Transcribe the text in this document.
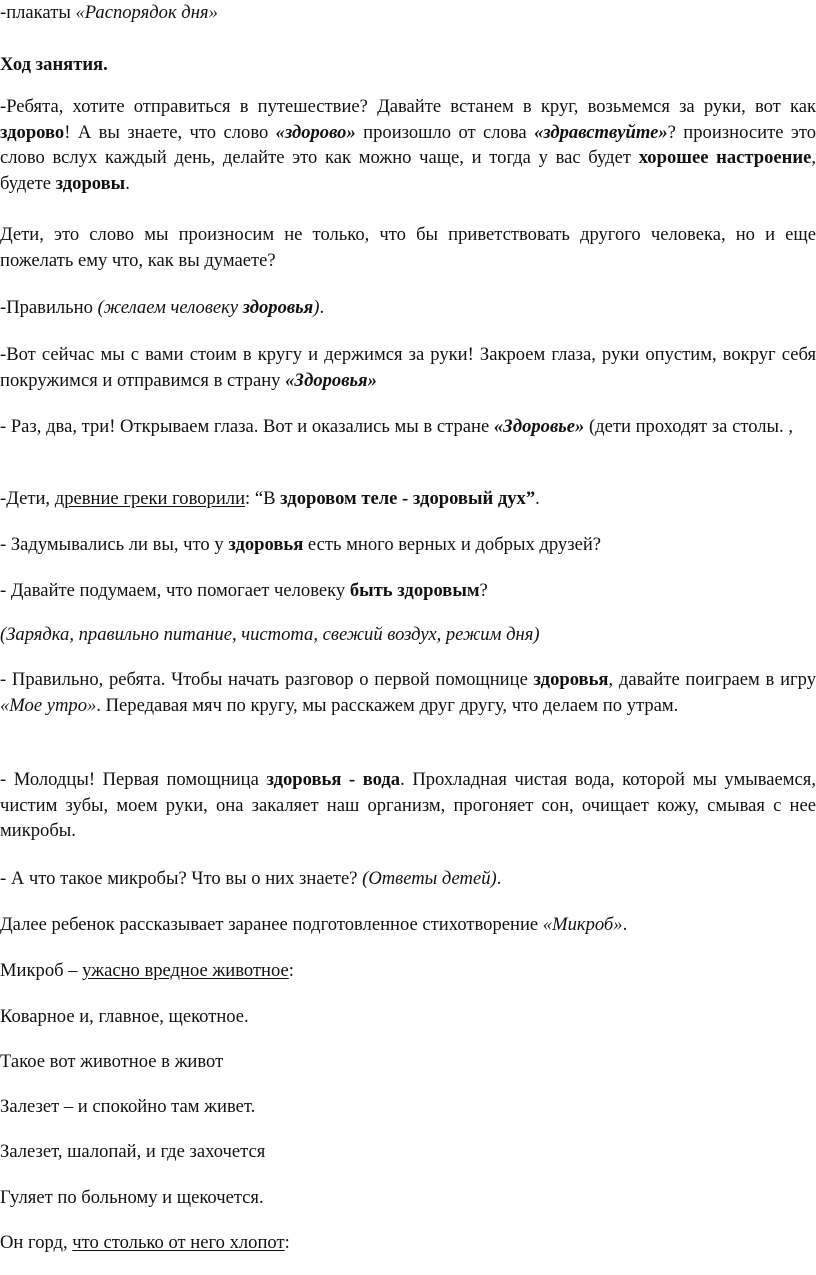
-плакаты «Распорядок дня»

Ход занятия.

-Ребята, хотите отправиться в путешествие? Давайте встанем в круг, возьмемся за руки, вот как здорово! А вы знаете, что слово «здорово» произошло от слова «здравствуйте»? произносите это слово вслух каждый день, делайте это как можно чаще, и тогда у вас будет хорошее настроение, будете здоровы.

Дети, это слово мы произносим не только, что бы приветствовать другого человека, но и еще пожелать ему что, как вы думаете?

-Правильно (желаем человеку здоровья).

-Вот сейчас мы с вами стоим в кругу и держимся за руки! Закроем глаза, руки опустим, вокруг себя покружимся и отправимся в страну «Здоровья»

- Раз, два, три! Открываем глаза. Вот и оказались мы в стране «Здоровье» (дети проходят за столы. ,

-Дети, древние греки говорили: “В здоровом теле - здоровый дух”.

- Задумывались ли вы, что у здоровья есть много верных и добрых друзей?

- Давайте подумаем, что помогает человеку быть здоровым?

(Зарядка, правильно питание, чистота, свежий воздух, режим дня)

- Правильно, ребята. Чтобы начать разговор о первой помощнице здоровья, давайте поиграем в игру «Мое утро». Передавая мяч по кругу, мы расскажем друг другу, что делаем по утрам.

- Молодцы! Первая помощница здоровья - вода. Прохладная чистая вода, которой мы умываемся, чистим зубы, моем руки, она закаляет наш организм, прогоняет сон, очищает кожу, смывая с нее микробы.

- А что такое микробы? Что вы о них знаете? (Ответы детей).

Далее ребенок рассказывает заранее подготовленное стихотворение «Микроб».

Микроб – ужасно вредное животное:

Коварное и, главное, щекотное.

Такое вот животное в живот

Залезет – и спокойно там живет.

Залезет, шалопай, и где захочется

Гуляет по больному и щекочется.

Он горд, что столько от него хлопот:
